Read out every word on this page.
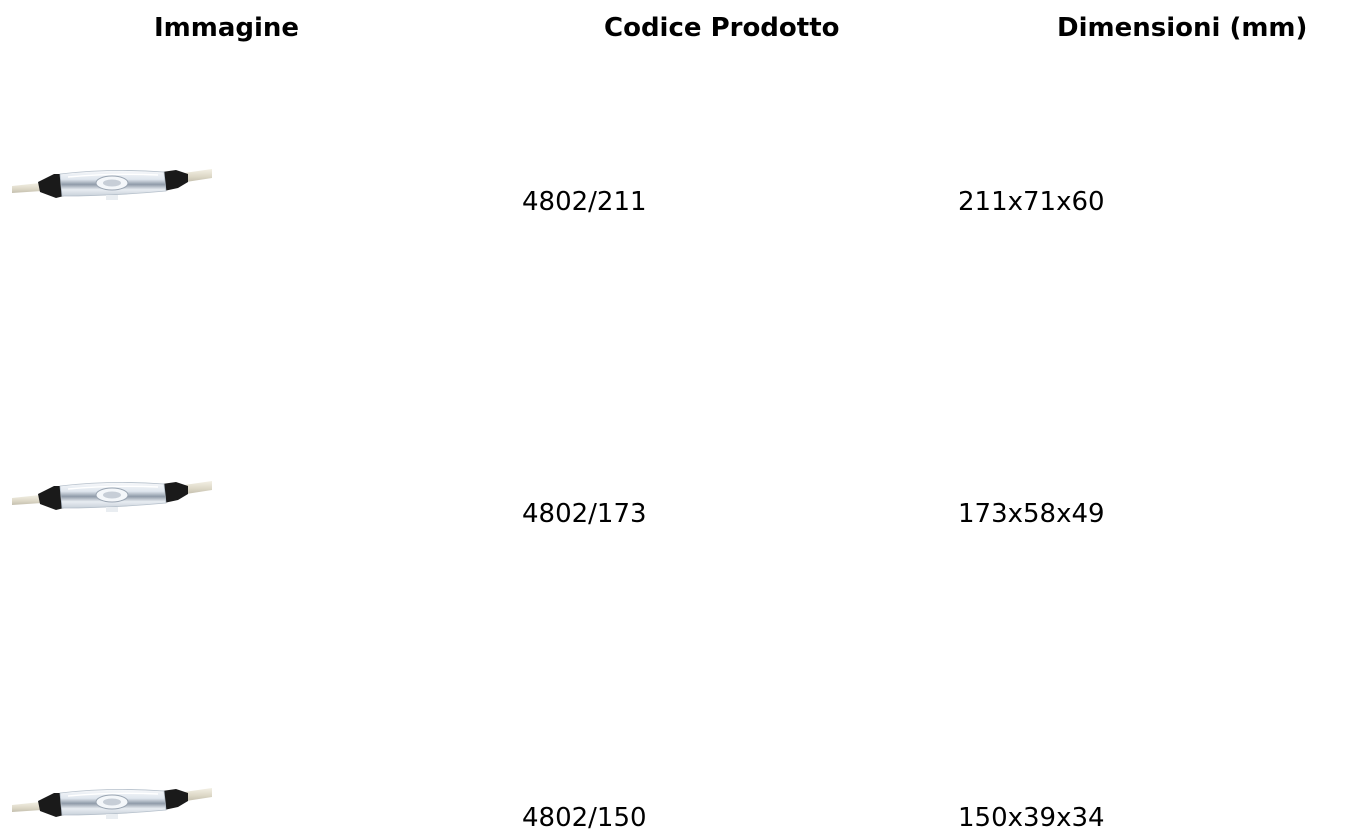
Immagine	Codice Prodotto	Dimensioni (mm)

4802/211	211x71x60

4802/173	173x58x49

4802/150	150x39x34
